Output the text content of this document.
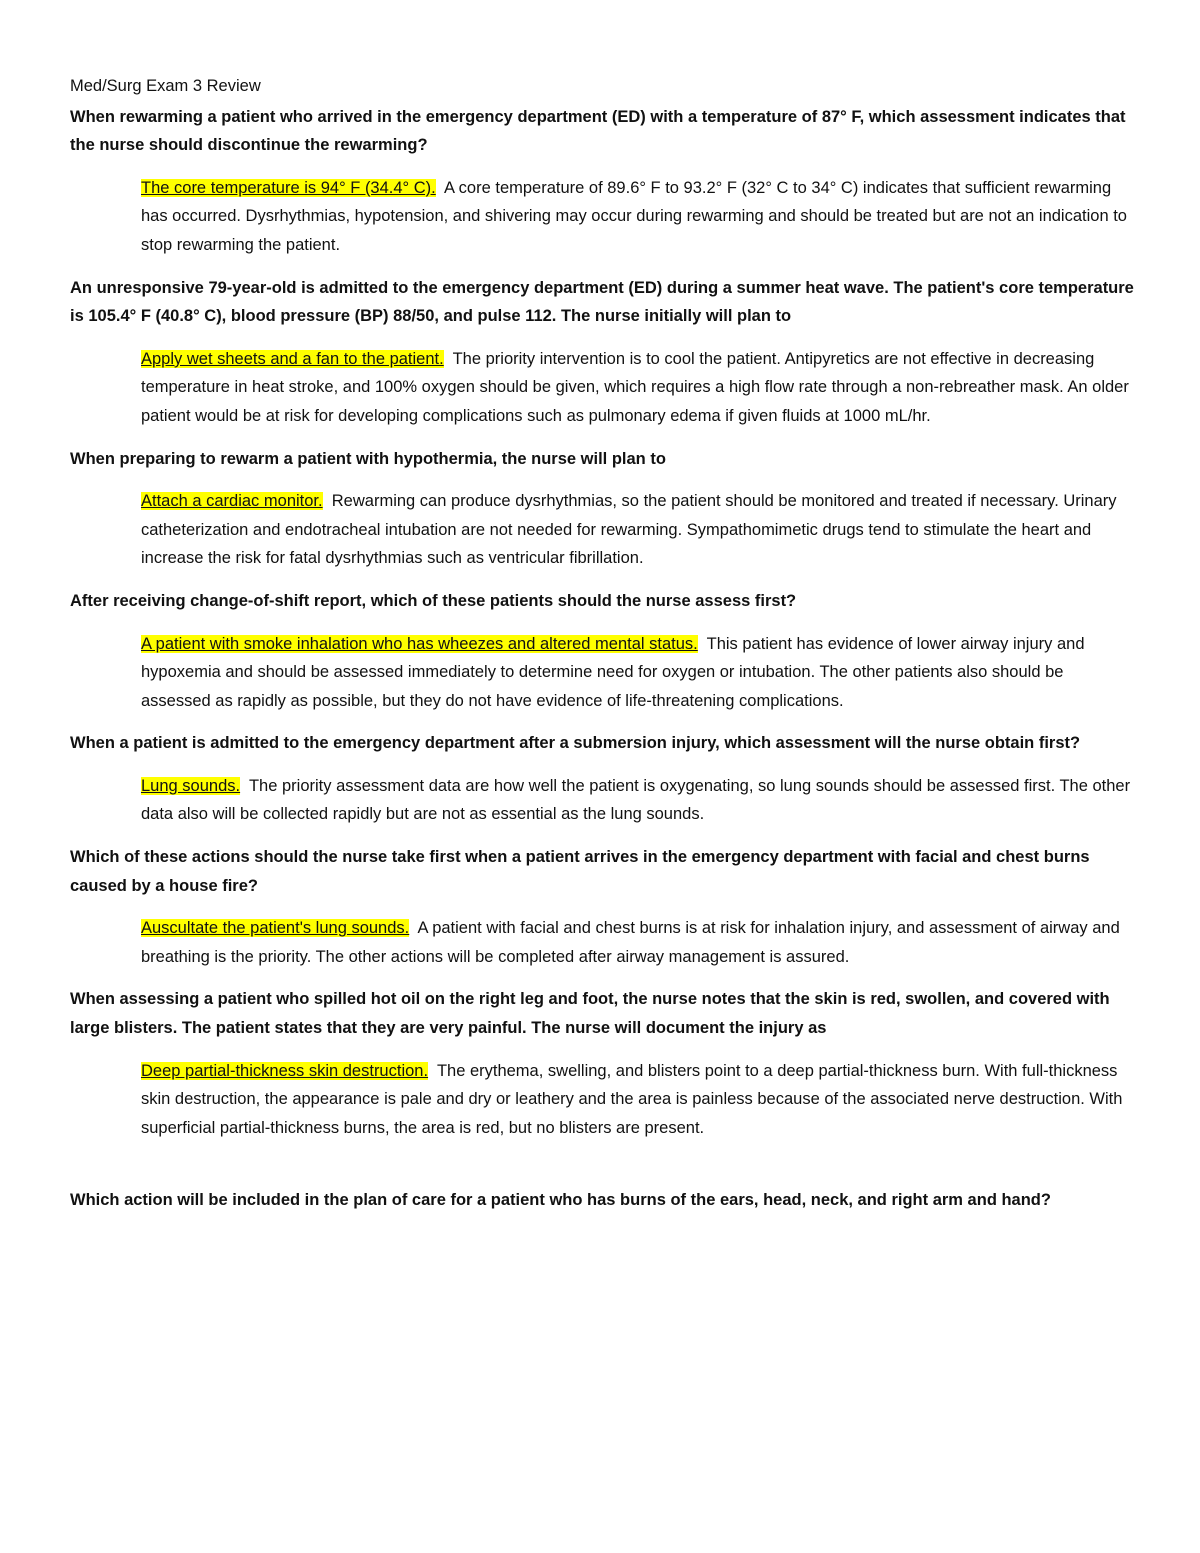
Med/Surg Exam 3 Review

When rewarming a patient who arrived in the emergency department (ED) with a temperature of 87° F, which assessment indicates that the nurse should discontinue the rewarming?

The core temperature is 94° F (34.4° C). A core temperature of 89.6° F to 93.2° F (32° C to 34° C) indicates that sufficient rewarming has occurred. Dysrhythmias, hypotension, and shivering may occur during rewarming and should be treated but are not an indication to stop rewarming the patient.

An unresponsive 79-year-old is admitted to the emergency department (ED) during a summer heat wave. The patient's core temperature is 105.4° F (40.8° C), blood pressure (BP) 88/50, and pulse 112. The nurse initially will plan to

Apply wet sheets and a fan to the patient. The priority intervention is to cool the patient. Antipyretics are not effective in decreasing temperature in heat stroke, and 100% oxygen should be given, which requires a high flow rate through a non-rebreather mask. An older patient would be at risk for developing complications such as pulmonary edema if given fluids at 1000 mL/hr.

When preparing to rewarm a patient with hypothermia, the nurse will plan to

Attach a cardiac monitor. Rewarming can produce dysrhythmias, so the patient should be monitored and treated if necessary. Urinary catheterization and endotracheal intubation are not needed for rewarming. Sympathomimetic drugs tend to stimulate the heart and increase the risk for fatal dysrhythmias such as ventricular fibrillation.

After receiving change-of-shift report, which of these patients should the nurse assess first?

A patient with smoke inhalation who has wheezes and altered mental status. This patient has evidence of lower airway injury and hypoxemia and should be assessed immediately to determine need for oxygen or intubation. The other patients also should be assessed as rapidly as possible, but they do not have evidence of life-threatening complications.

When a patient is admitted to the emergency department after a submersion injury, which assessment will the nurse obtain first?

Lung sounds. The priority assessment data are how well the patient is oxygenating, so lung sounds should be assessed first. The other data also will be collected rapidly but are not as essential as the lung sounds.

Which of these actions should the nurse take first when a patient arrives in the emergency department with facial and chest burns caused by a house fire?

Auscultate the patient's lung sounds. A patient with facial and chest burns is at risk for inhalation injury, and assessment of airway and breathing is the priority. The other actions will be completed after airway management is assured.

When assessing a patient who spilled hot oil on the right leg and foot, the nurse notes that the skin is red, swollen, and covered with large blisters. The patient states that they are very painful. The nurse will document the injury as

Deep partial-thickness skin destruction. The erythema, swelling, and blisters point to a deep partial-thickness burn. With full-thickness skin destruction, the appearance is pale and dry or leathery and the area is painless because of the associated nerve destruction. With superficial partial-thickness burns, the area is red, but no blisters are present.

Which action will be included in the plan of care for a patient who has burns of the ears, head, neck, and right arm and hand?
